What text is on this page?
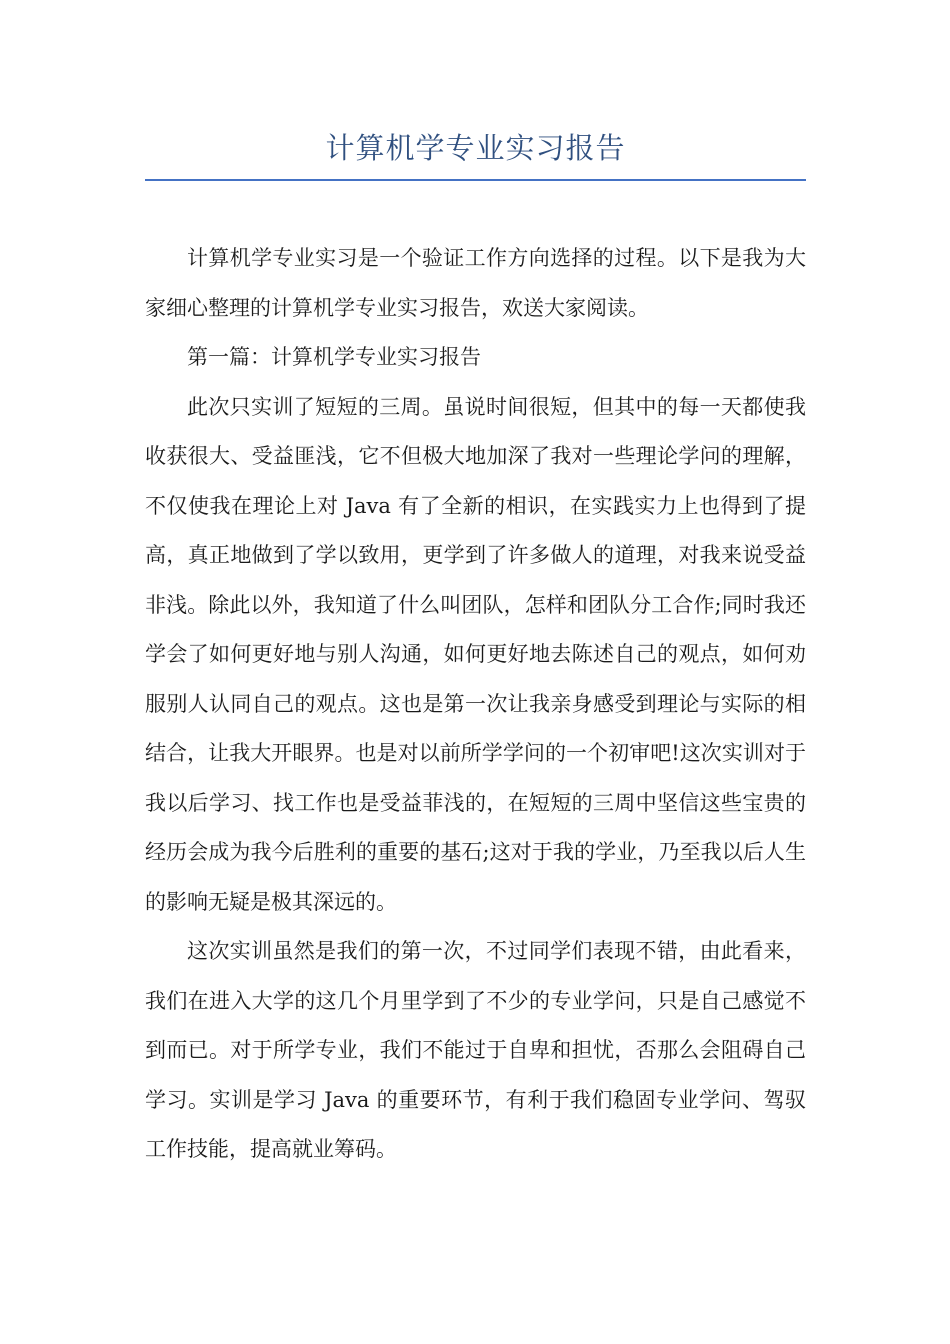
计算机学专业实习报告

计算机学专业实习是一个验证工作方向选择的过程。以下是我为大家细心整理的计算机学专业实习报告，欢送大家阅读。

第一篇：计算机学专业实习报告

此次只实训了短短的三周。虽说时间很短，但其中的每一天都使我收获很大、受益匪浅，它不但极大地加深了我对一些理论学问的理解，不仅使我在理论上对 Java 有了全新的相识，在实践实力上也得到了提高，真正地做到了学以致用，更学到了许多做人的道理，对我来说受益非浅。除此以外，我知道了什么叫团队，怎样和团队分工合作;同时我还学会了如何更好地与别人沟通，如何更好地去陈述自己的观点，如何劝服别人认同自己的观点。这也是第一次让我亲身感受到理论与实际的相结合，让我大开眼界。也是对以前所学学问的一个初审吧!这次实训对于我以后学习、找工作也是受益菲浅的，在短短的三周中坚信这些宝贵的经历会成为我今后胜利的重要的基石;这对于我的学业，乃至我以后人生的影响无疑是极其深远的。

这次实训虽然是我们的第一次，不过同学们表现不错，由此看来，我们在进入大学的这几个月里学到了不少的专业学问，只是自己感觉不到而已。对于所学专业，我们不能过于自卑和担忧，否那么会阻碍自己学习。实训是学习 Java 的重要环节，有利于我们稳固专业学问、驾驭工作技能，提高就业筹码。
